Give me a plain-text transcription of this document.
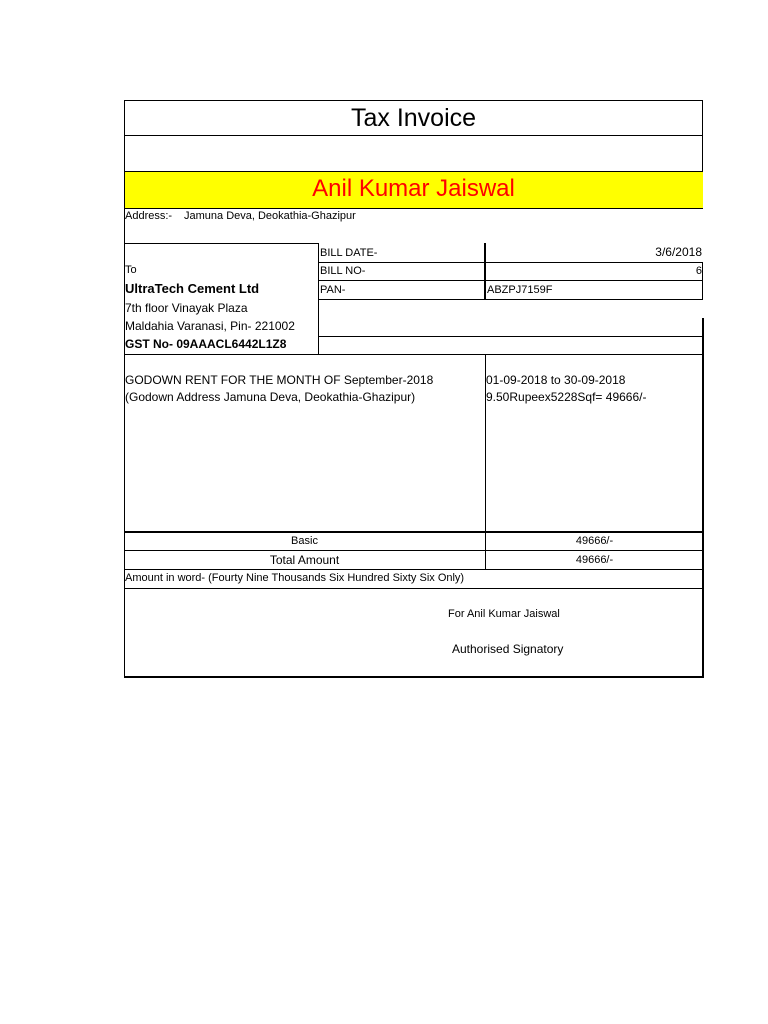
Tax Invoice
Anil Kumar Jaiswal
Address:- Jamuna Deva, Deokathia-Ghazipur
BILL DATE-	3/6/2018
BILL NO-	6
PAN-	ABZPJ7159F
To
UltraTech Cement Ltd
7th floor Vinayak Plaza
Maldahia Varanasi, Pin- 221002
GST No- 09AAACL6442L1Z8
GODOWN RENT FOR THE MONTH OF September-2018
(Godown Address Jamuna Deva, Deokathia-Ghazipur)
01-09-2018 to 30-09-2018
9.50Rupeex5228Sqf= 49666/-
Basic	49666/-
Total Amount	49666/-
Amount in word- (Fourty Nine Thousands Six Hundred Sixty Six Only)
For Anil Kumar Jaiswal
Authorised Signatory
